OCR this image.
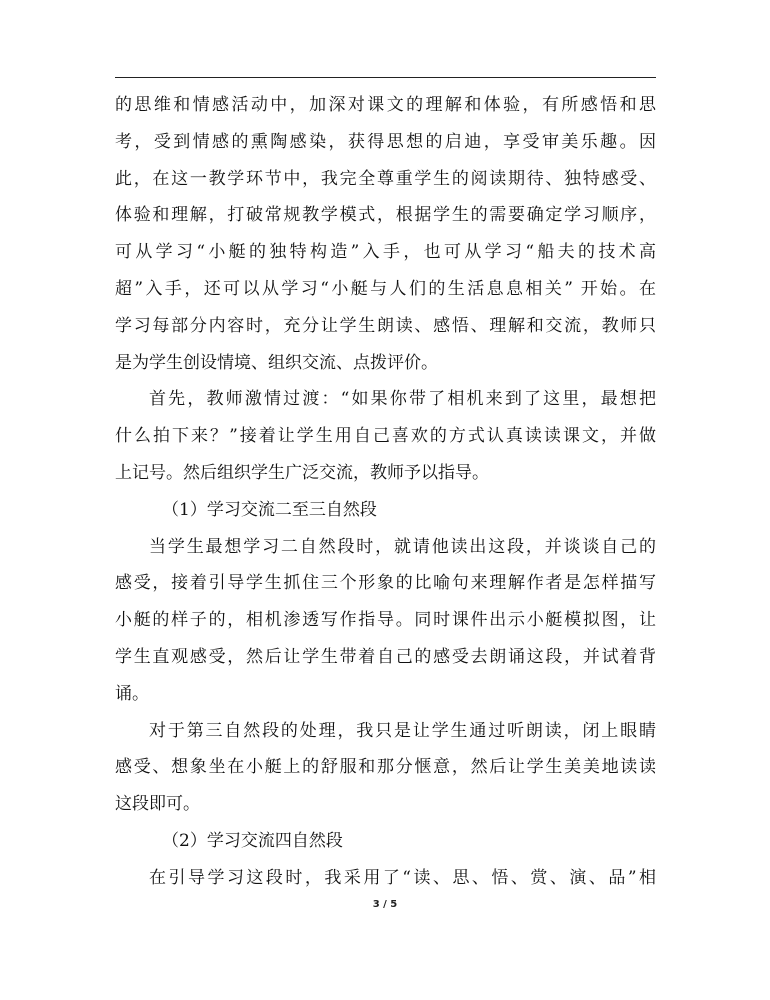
的思维和情感活动中，加深对课文的理解和体验，有所感悟和思
考，受到情感的熏陶感染，获得思想的启迪，享受审美乐趣。因
此，在这一教学环节中，我完全尊重学生的阅读期待、独特感受、
体验和理解，打破常规教学模式，根据学生的需要确定学习顺序，
可从学习“小艇的独特构造”入手，也可从学习“船夫的技术高
超”入手，还可以从学习“小艇与人们的生活息息相关” 开始。在
学习每部分内容时，充分让学生朗读、感悟、理解和交流，教师只
是为学生创设情境、组织交流、点拨评价。
首先，教师激情过渡：“如果你带了相机来到了这里，最想把
什么拍下来？”接着让学生用自己喜欢的方式认真读读课文，并做
上记号。然后组织学生广泛交流，教师予以指导。
（1）学习交流二至三自然段
当学生最想学习二自然段时，就请他读出这段，并谈谈自己的
感受，接着引导学生抓住三个形象的比喻句来理解作者是怎样描写
小艇的样子的，相机渗透写作指导。同时课件出示小艇模拟图，让
学生直观感受，然后让学生带着自己的感受去朗诵这段，并试着背
诵。
对于第三自然段的处理，我只是让学生通过听朗读，闭上眼睛
感受、想象坐在小艇上的舒服和那分惬意，然后让学生美美地读读
这段即可。
（2）学习交流四自然段
在引导学习这段时，我采用了“读、思、悟、赏、演、品”相
3 / 5
